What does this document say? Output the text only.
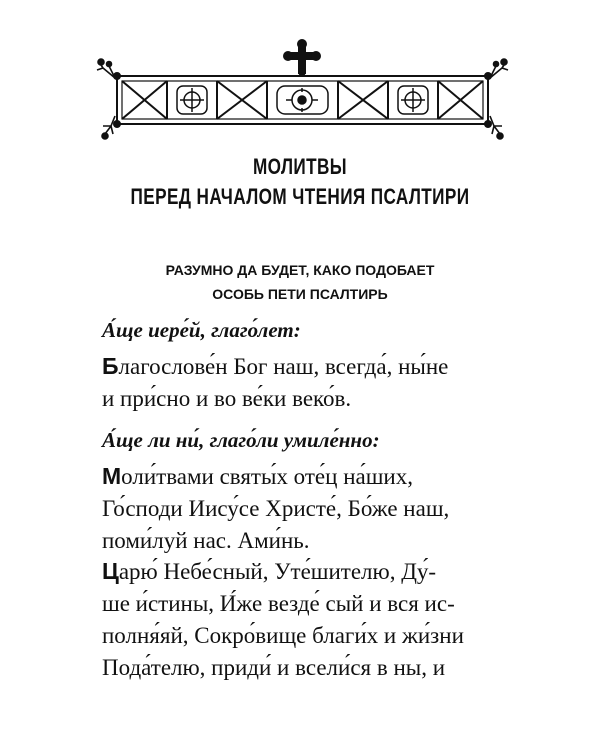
МОЛИТВЫ
ПЕРЕД НАЧАЛОМ ЧТЕНИЯ ПСАЛТИРИ
РАЗУМНО ДА БУДЕТ, КАКО ПОДОБАЕТ
ОСОБЬ ПЕТИ ПСАЛТИРЬ

А́ще иере́й, глаго́лет:

Благослове́н Бог наш, всегда́, ны́не
и при́сно и во ве́ки веко́в.

А́ще ли ни́, глаго́ли умиле́нно:

Моли́твами святы́х оте́ц на́ших,
Го́споди Иису́се Христе́, Бо́же наш,
поми́луй нас. Ами́нь.

Царю́ Небе́сный, Уте́шителю, Ду́-
ше и́стины, И́же везде́ сый и вся ис-
полня́яй, Сокро́вище благи́х и жи́зни
Пода́телю, приди́ и всели́ся в ны, и
